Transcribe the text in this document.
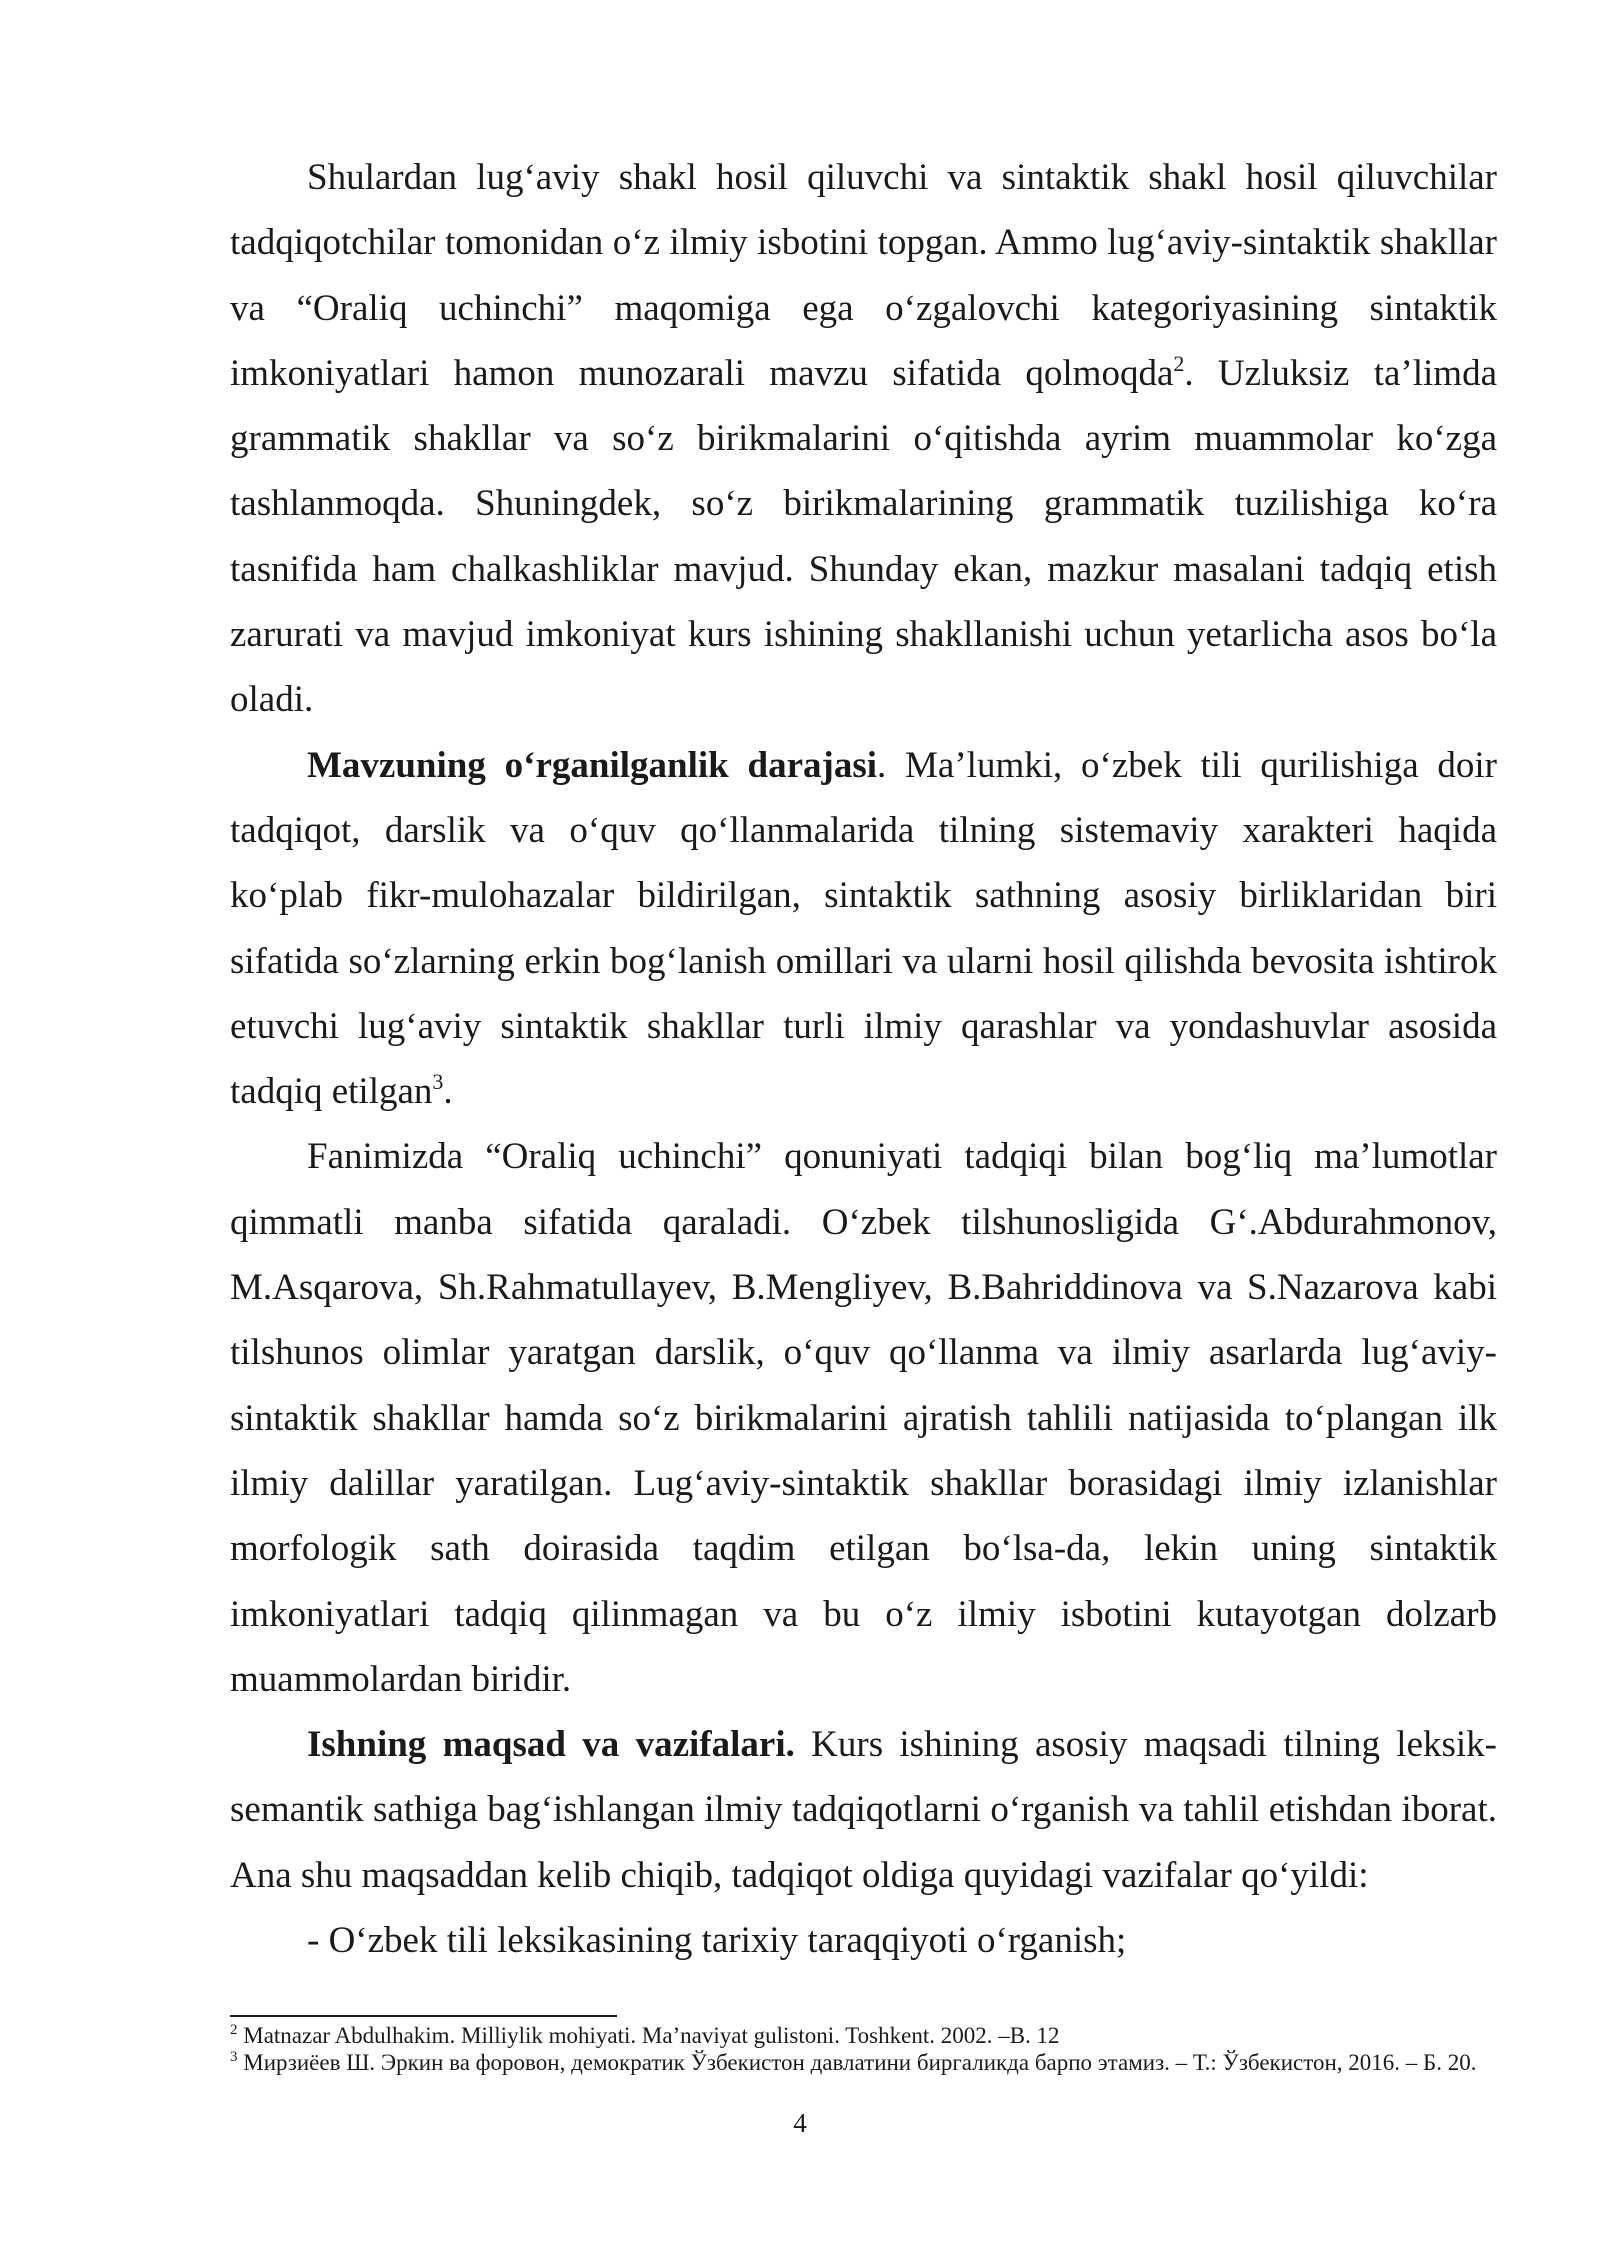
Shulardan lug‘aviy shakl hosil qiluvchi va sintaktik shakl hosil qiluvchilar tadqiqotchilar tomonidan o‘z ilmiy isbotini topgan. Ammo lug‘aviy-sintaktik shakllar va “Oraliq uchinchi” maqomiga ega o‘zgalovchi kategoriyasining sintaktik imkoniyatlari hamon munozarali mavzu sifatida qolmoqda$^2$. Uzluksiz ta’limda grammatik shakllar va so‘z birikmalarini o‘qitishda ayrim muammolar ko‘zga tashlanmoqda. Shuningdek, so‘z birikmalarining grammatik tuzilishiga ko‘ra tasnifida ham chalkashliklar mavjud. Shunday ekan, mazkur masalani tadqiq etish zarurati va mavjud imkoniyat kurs ishining shakllanishi uchun yetarlicha asos bo‘la oladi.

Mavzuning o‘rganilganlik darajasi. Ma’lumki, o‘zbek tili qurilishiga doir tadqiqot, darslik va o‘quv qo‘llanmalarida tilning sistemaviy xarakteri haqida ko‘plab fikr-mulohazalar bildirilgan, sintaktik sathning asosiy birliklaridan biri sifatida so‘zlarning erkin bog‘lanish omillari va ularni hosil qilishda bevosita ishtirok etuvchi lug‘aviy sintaktik shakllar turli ilmiy qarashlar va yondashuvlar asosida tadqiq etilgan$^3$.

Fanimizda “Oraliq uchinchi” qonuniyati tadqiqi bilan bog‘liq ma’lumotlar qimmatli manba sifatida qaraladi. O‘zbek tilshunosligida G‘.Abdurahmonov, M.Asqarova, Sh.Rahmatullayev, B.Mengliyev, B.Bahriddinova va S.Nazarova kabi tilshunos olimlar yaratgan darslik, o‘quv qo‘llanma va ilmiy asarlarda lug‘aviy-sintaktik shakllar hamda so‘z birikmalarini ajratish tahlili natijasida to‘plangan ilk ilmiy dalillar yaratilgan. Lug‘aviy-sintaktik shakllar borasidagi ilmiy izlanishlar morfologik sath doirasida taqdim etilgan bo‘lsa-da, lekin uning sintaktik imkoniyatlari tadqiq qilinmagan va bu o‘z ilmiy isbotini kutayotgan dolzarb muammolardan biridir.

Ishning maqsad va vazifalari. Kurs ishining asosiy maqsadi tilning leksik-semantik sathiga bag‘ishlangan ilmiy tadqiqotlarni o‘rganish va tahlil etishdan iborat. Ana shu maqsaddan kelib chiqib, tadqiqot oldiga quyidagi vazifalar qo‘yildi:

- O‘zbek tili leksikasining tarixiy taraqqiyoti o‘rganish;

$^2$ Matnazar Abdulhakim. Milliylik mohiyati. Ma’naviyat gulistoni. Toshkent. 2002. –B. 12

$^3$ Мирзиёев Ш. Эркин ва форовон, демократик Ўзбекистон давлатини биргаликда барпо этамиз. – Т.: Ўзбекистон, 2016. – Б. 20.

4
